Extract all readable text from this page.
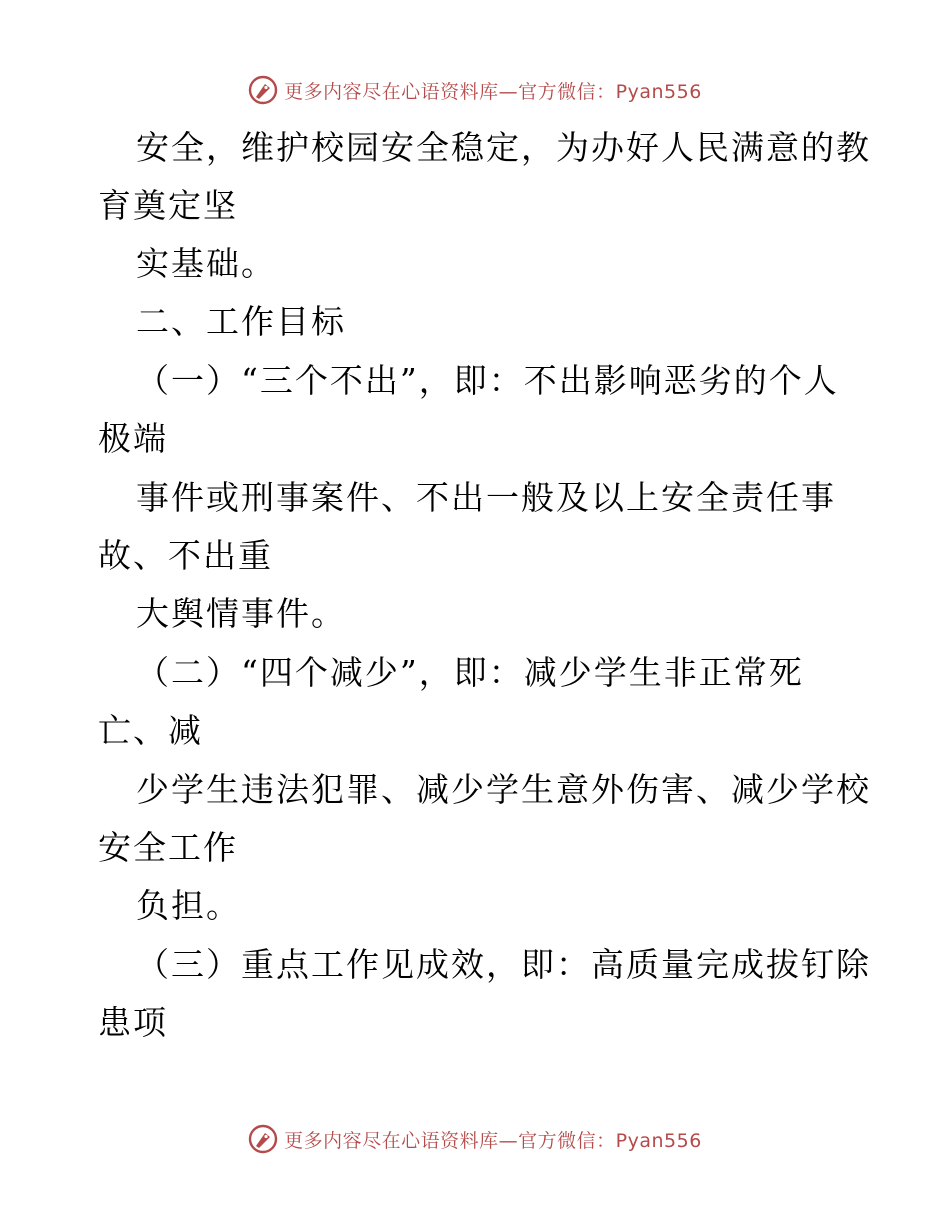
更多内容尽在心语资料库—官方微信：Pyan556
安全，维护校园安全稳定，为办好人民满意的教
育奠定坚
实基础。
二、工作目标
（一）“三个不出”，即：不出影响恶劣的个人
极端
事件或刑事案件、不出一般及以上安全责任事
故、不出重
大舆情事件。
（二）“四个减少”，即：减少学生非正常死
亡、减
少学生违法犯罪、减少学生意外伤害、减少学校
安全工作
负担。
（三）重点工作见成效，即：高质量完成拔钉除
患项
更多内容尽在心语资料库—官方微信：Pyan556
